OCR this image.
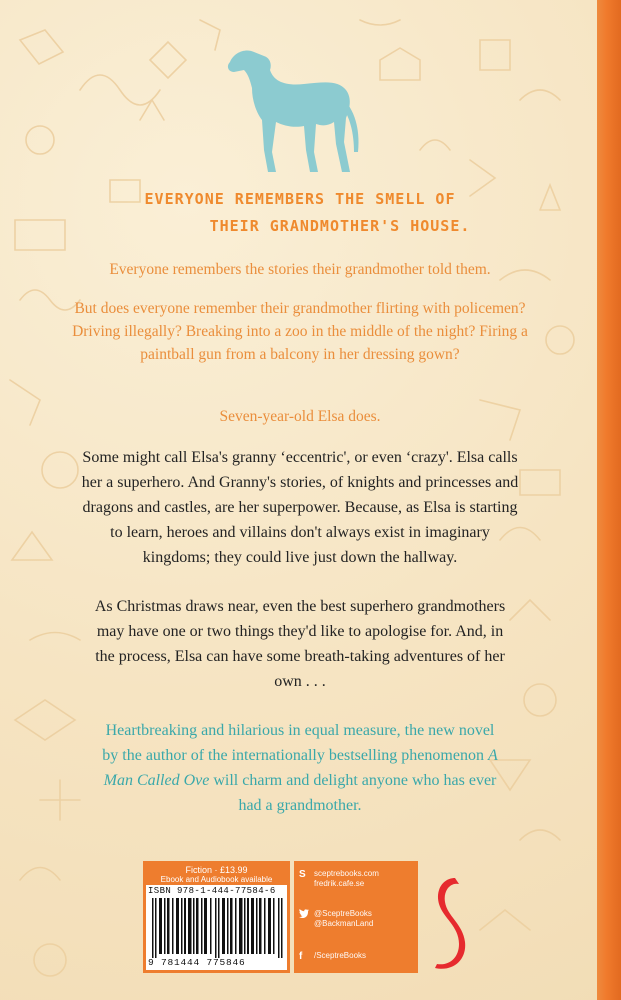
EVERYONE REMEMBERS THE SMELL OF

THEIR GRANDMOTHER'S HOUSE.

Everyone remembers the stories their grandmother told them.

But does everyone remember their grandmother flirting with policemen? Driving illegally? Breaking into a zoo in the middle of the night? Firing a paintball gun from a balcony in her dressing gown?

Seven-year-old Elsa does.

Some might call Elsa's granny ‘eccentric', or even ‘crazy'. Elsa calls her a superhero. And Granny's stories, of knights and princesses and dragons and castles, are her superpower. Because, as Elsa is starting to learn, heroes and villains don't always exist in imaginary kingdoms; they could live just down the hallway.

As Christmas draws near, even the best superhero grandmothers may have one or two things they'd like to apologise for. And, in the process, Elsa can have some breath-taking adventures of her own . . .

Heartbreaking and hilarious in equal measure, the new novel by the author of the internationally bestselling phenomenon A Man Called Ove will charm and delight anyone who has ever had a grandmother.

Fiction · £13.99
Ebook and Audiobook available
ISBN 978-1-444-77584-6
9 781444 775846
S	sceptrebooks.com
fredrik.cafe.se
@SceptreBooks
@BackmanLand
f	/SceptreBooks
